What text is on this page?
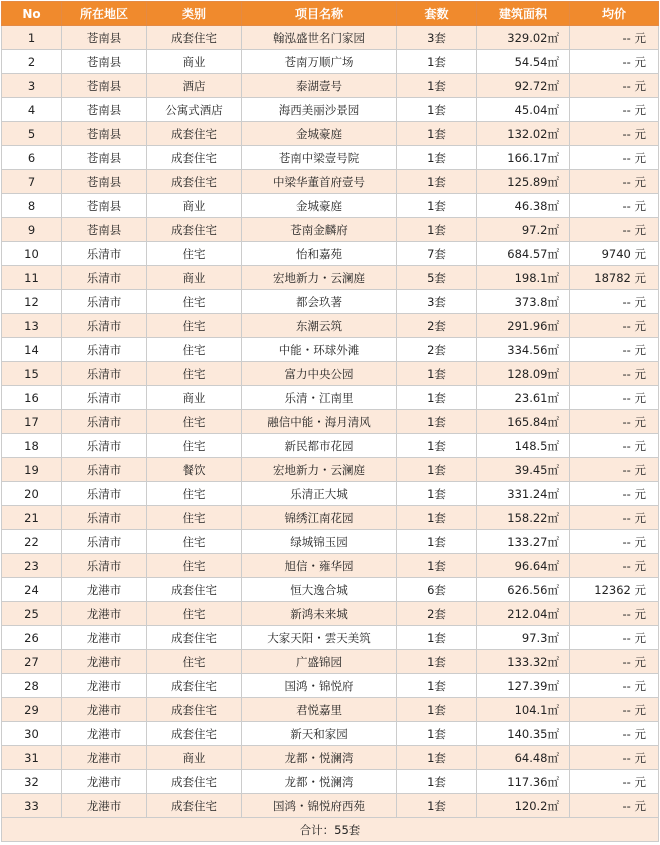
No	所在地区	类别	项目名称	套数	建筑面积	均价
1	苍南县	成套住宅	翰泓盛世名门家园	3套	329.02㎡	-- 元
2	苍南县	商业	苍南万顺广场	1套	54.54㎡	-- 元
3	苍南县	酒店	泰湖壹号	1套	92.72㎡	-- 元
4	苍南县	公寓式酒店	海西美丽沙景园	1套	45.04㎡	-- 元
5	苍南县	成套住宅	金城豪庭	1套	132.02㎡	-- 元
6	苍南县	成套住宅	苍南中梁壹号院	1套	166.17㎡	-- 元
7	苍南县	成套住宅	中梁华董首府壹号	1套	125.89㎡	-- 元
8	苍南县	商业	金城豪庭	1套	46.38㎡	-- 元
9	苍南县	成套住宅	苍南金麟府	1套	97.2㎡	-- 元
10	乐清市	住宅	怡和嘉苑	7套	684.57㎡	9740 元
11	乐清市	商业	宏地新力・云澜庭	5套	198.1㎡	18782 元
12	乐清市	住宅	都会玖著	3套	373.8㎡	-- 元
13	乐清市	住宅	东潮云筑	2套	291.96㎡	-- 元
14	乐清市	住宅	中能・环球外滩	2套	334.56㎡	-- 元
15	乐清市	住宅	富力中央公园	1套	128.09㎡	-- 元
16	乐清市	商业	乐清・江南里	1套	23.61㎡	-- 元
17	乐清市	住宅	融信中能・海月清风	1套	165.84㎡	-- 元
18	乐清市	住宅	新民都市花园	1套	148.5㎡	-- 元
19	乐清市	餐饮	宏地新力・云澜庭	1套	39.45㎡	-- 元
20	乐清市	住宅	乐清正大城	1套	331.24㎡	-- 元
21	乐清市	住宅	锦绣江南花园	1套	158.22㎡	-- 元
22	乐清市	住宅	绿城锦玉园	1套	133.27㎡	-- 元
23	乐清市	住宅	旭信・雍华园	1套	96.64㎡	-- 元
24	龙港市	成套住宅	恒大逸合城	6套	626.56㎡	12362 元
25	龙港市	住宅	新鸿未来城	2套	212.04㎡	-- 元
26	龙港市	成套住宅	大家天阳・雲天美筑	1套	97.3㎡	-- 元
27	龙港市	住宅	广盛锦园	1套	133.32㎡	-- 元
28	龙港市	成套住宅	国鸿・锦悦府	1套	127.39㎡	-- 元
29	龙港市	成套住宅	君悦嘉里	1套	104.1㎡	-- 元
30	龙港市	成套住宅	新天和家园	1套	140.35㎡	-- 元
31	龙港市	商业	龙都・悦澜湾	1套	64.48㎡	-- 元
32	龙港市	成套住宅	龙都・悦澜湾	1套	117.36㎡	-- 元
33	龙港市	成套住宅	国鸿・锦悦府西苑	1套	120.2㎡	-- 元
合计：55套						
